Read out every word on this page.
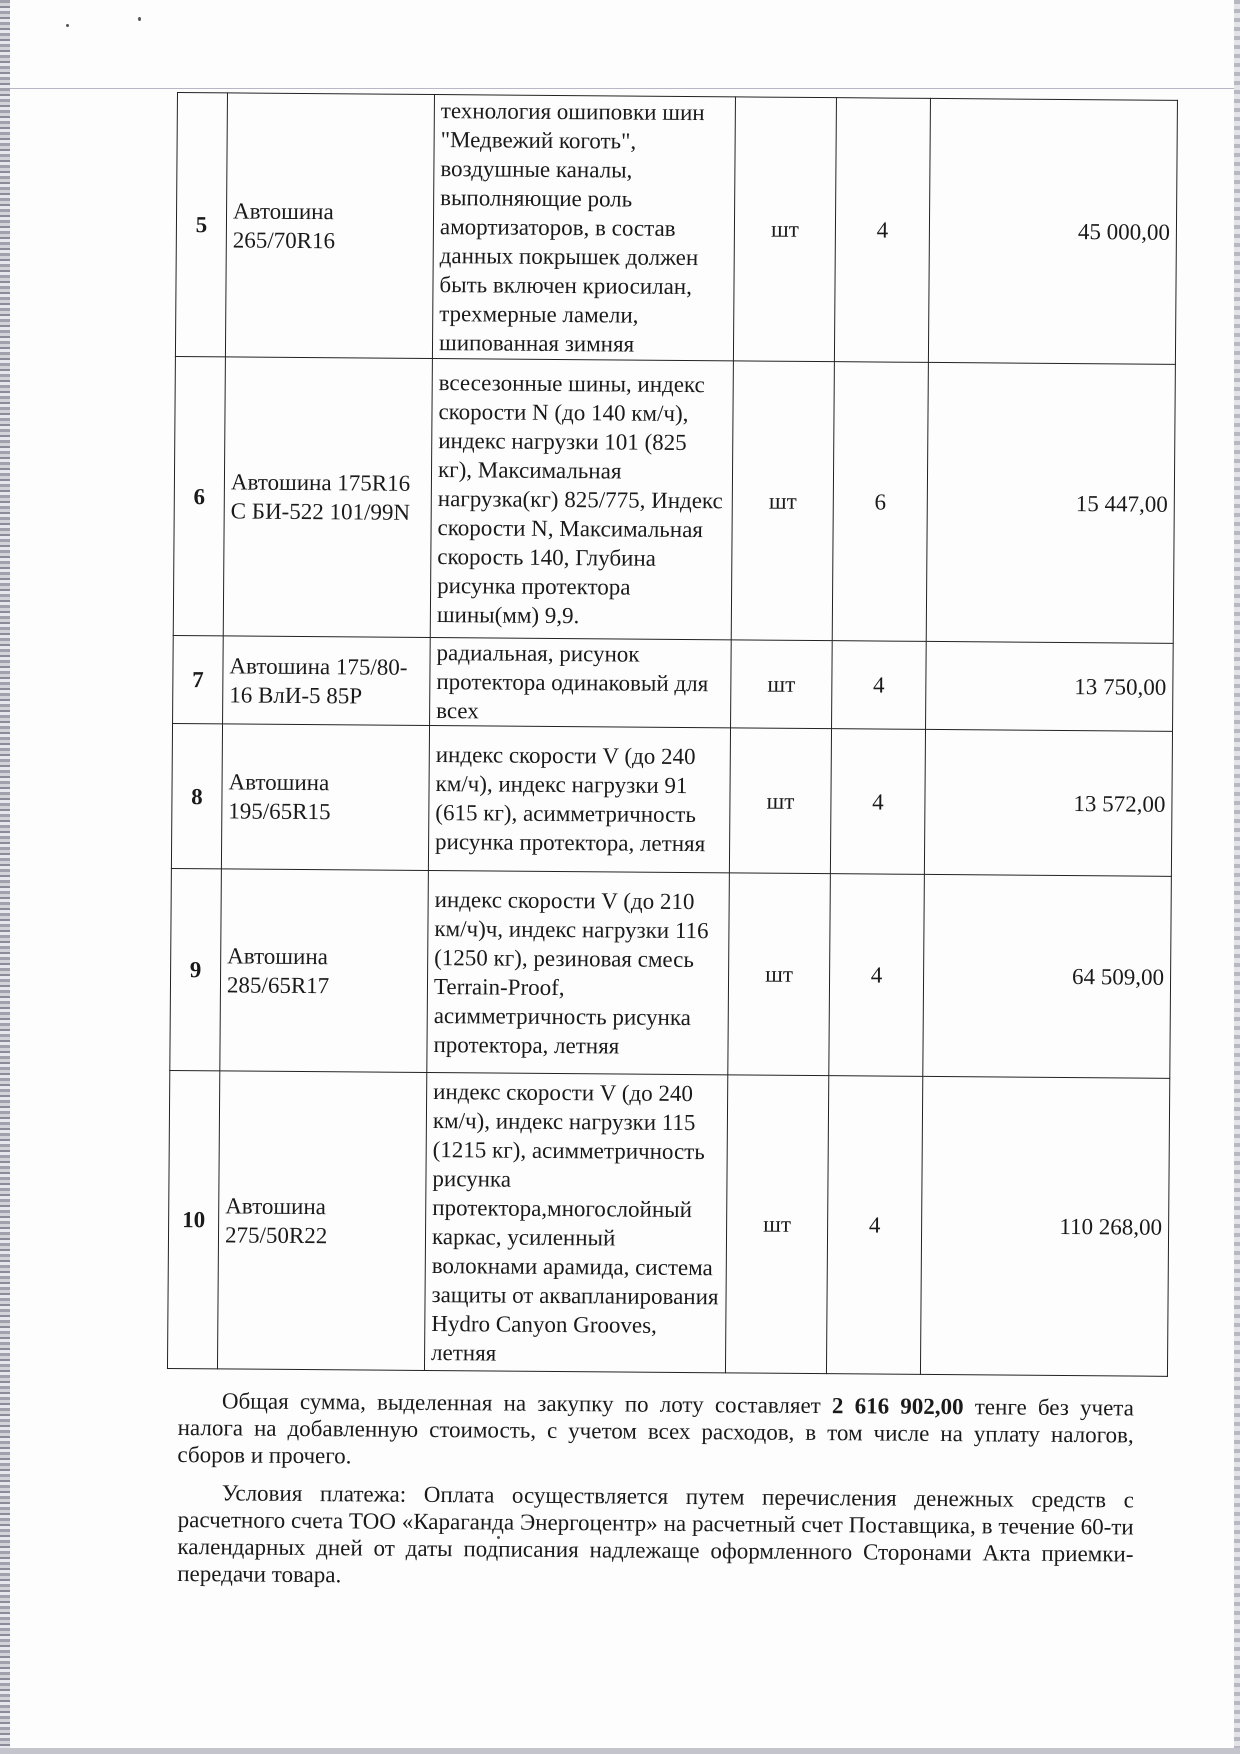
5	Автошина 265/70R16	технология ошиповки шин "Медвежий коготь", воздушные каналы, выполняющие роль амортизаторов, в состав данных покрышек должен быть включен криосилан, трехмерные ламели, шипованная зимняя	шт	4	45 000,00
6	Автошина 175R16 С БИ-522 101/99N	всесезонные шины, индекс скорости N (до 140 км/ч), индекс нагрузки 101 (825 кг), Максимальная нагрузка(кг) 825/775, Индекс скорости N, Максимальная скорость 140, Глубина рисунка протектора шины(мм) 9,9.	шт	6	15 447,00
7	Автошина 175/80-16 ВлИ-5 85Р	радиальная, рисунок протектора одинаковый для всех	шт	4	13 750,00
8	Автошина 195/65R15	индекс скорости V (до 240 км/ч), индекс нагрузки 91 (615 кг), асимметричность рисунка протектора, летняя	шт	4	13 572,00
9	Автошина 285/65R17	индекс скорости V (до 210 км/ч)ч, индекс нагрузки 116 (1250 кг), резиновая смесь Terrain-Proof, асимметричность рисунка протектора, летняя	шт	4	64 509,00
10	Автошина 275/50R22	индекс скорости V (до 240 км/ч), индекс нагрузки 115 (1215 кг), асимметричность рисунка протектора,многослойный каркас, усиленный волокнами арамида, система защиты от аквапланирования Hydro Canyon Grooves, летняя	шт	4	110 268,00

Общая сумма, выделенная на закупку по лоту составляет 2 616 902,00 тенге без учета налога на добавленную стоимость, с учетом всех расходов, в том числе на уплату налогов, сборов и прочего.

Условия платежа: Оплата осуществляется путем перечисления денежных средств с расчетного счета ТОО «Караганда Энергоцентр» на расчетный счет Поставщика, в течение 60-ти календарных дней от даты подписания надлежаще оформленного Сторонами Акта приемки-передачи товара.
